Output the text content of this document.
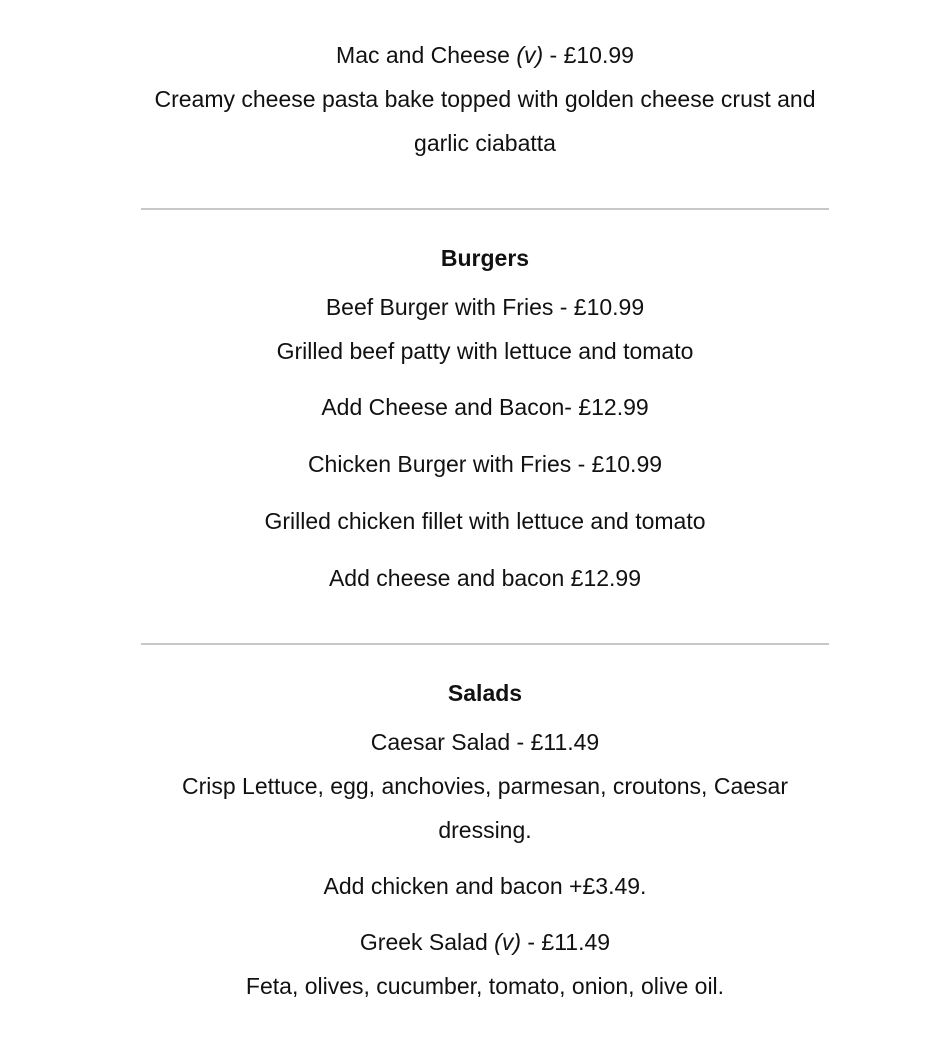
Mac and Cheese (v) - £10.99

Creamy cheese pasta bake topped with golden cheese crust and garlic ciabatta

Burgers

Beef Burger with Fries - £10.99

Grilled beef patty with lettuce and tomato

Add Cheese and Bacon- £12.99

Chicken Burger with Fries - £10.99

Grilled chicken fillet with lettuce and tomato

Add cheese and bacon £12.99

Salads

Caesar Salad - £11.49

Crisp Lettuce, egg, anchovies, parmesan, croutons, Caesar dressing.

Add chicken and bacon +£3.49.

Greek Salad (v) - £11.49

Feta, olives, cucumber, tomato, onion, olive oil.
